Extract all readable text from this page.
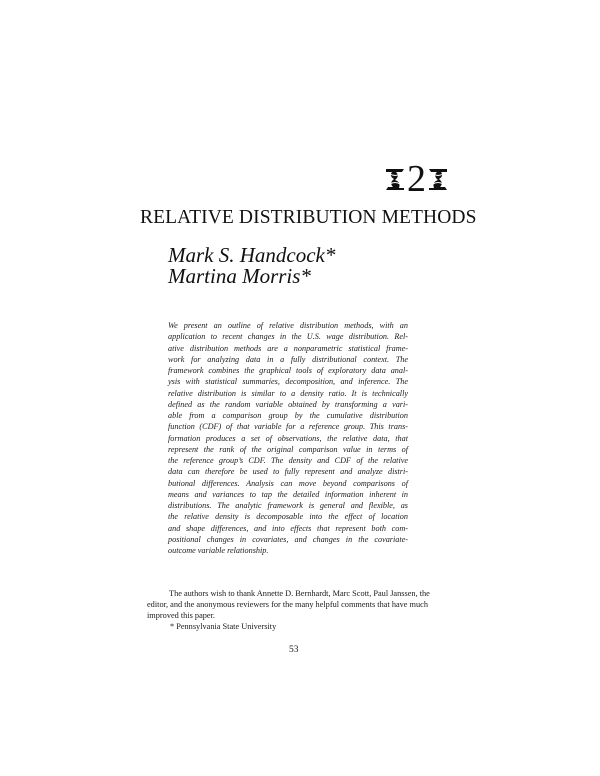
2
RELATIVE DISTRIBUTION METHODS
Mark S. Handcock*
Martina Morris*
We present an outline of relative distribution methods, with an
application to recent changes in the U.S. wage distribution. Rel-
ative distribution methods are a nonparametric statistical frame-
work for analyzing data in a fully distributional context. The
framework combines the graphical tools of exploratory data anal-
ysis with statistical summaries, decomposition, and inference. The
relative distribution is similar to a density ratio. It is technically
defined as the random variable obtained by transforming a vari-
able from a comparison group by the cumulative distribution
function (CDF) of that variable for a reference group. This trans-
formation produces a set of observations, the relative data, that
represent the rank of the original comparison value in terms of
the reference group’s CDF. The density and CDF of the relative
data can therefore be used to fully represent and analyze distri-
butional differences. Analysis can move beyond comparisons of
means and variances to tap the detailed information inherent in
distributions. The analytic framework is general and flexible, as
the relative density is decomposable into the effect of location
and shape differences, and into effects that represent both com-
positional changes in covariates, and changes in the covariate-
outcome variable relationship.
The authors wish to thank Annette D. Bernhardt, Marc Scott, Paul Janssen, the
editor, and the anonymous reviewers for the many helpful comments that have much
improved this paper.
* Pennsylvania State University
53
